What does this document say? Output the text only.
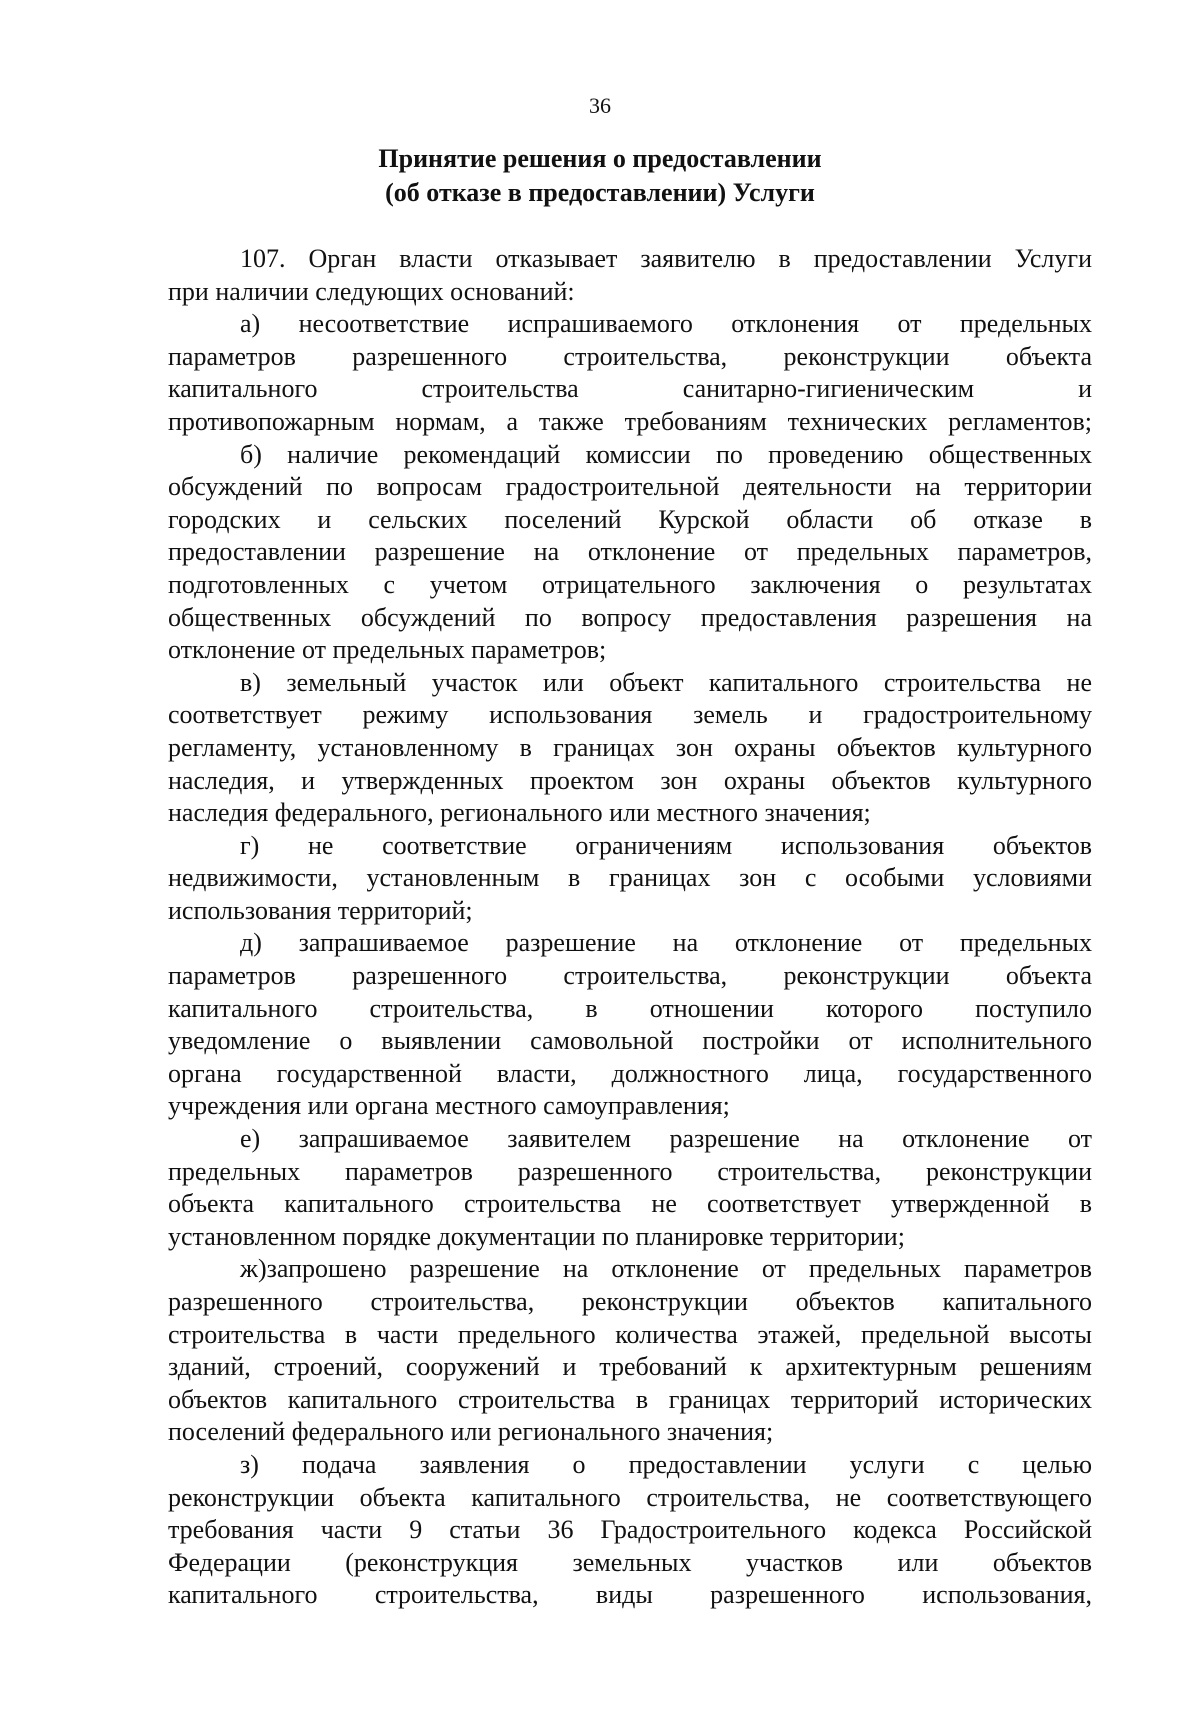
36
Принятие решения о предоставлении
(об отказе в предоставлении) Услуги
107. Орган власти отказывает заявителю в предоставлении Услуги
при наличии следующих оснований:
а) несоответствие испрашиваемого отклонения от предельных
параметров разрешенного строительства, реконструкции объекта
капитального строительства санитарно-гигиеническим и
противопожарным нормам, а также требованиям технических регламентов;
б) наличие рекомендаций комиссии по проведению общественных
обсуждений по вопросам градостроительной деятельности на территории
городских и сельских поселений Курской области об отказе в
предоставлении разрешение на отклонение от предельных параметров,
подготовленных с учетом отрицательного заключения о результатах
общественных обсуждений по вопросу предоставления разрешения на
отклонение от предельных параметров;
в) земельный участок или объект капитального строительства не
соответствует режиму использования земель и градостроительному
регламенту, установленному в границах зон охраны объектов культурного
наследия, и утвержденных проектом зон охраны объектов культурного
наследия федерального, регионального или местного значения;
г) не соответствие ограничениям использования объектов
недвижимости, установленным в границах зон с особыми условиями
использования территорий;
д) запрашиваемое разрешение на отклонение от предельных
параметров разрешенного строительства, реконструкции объекта
капитального строительства, в отношении которого поступило
уведомление о выявлении самовольной постройки от исполнительного
органа государственной власти, должностного лица, государственного
учреждения или органа местного самоуправления;
е) запрашиваемое заявителем разрешение на отклонение от
предельных параметров разрешенного строительства, реконструкции
объекта капитального строительства не соответствует утвержденной в
установленном порядке документации по планировке территории;
ж)запрошено разрешение на отклонение от предельных параметров
разрешенного строительства, реконструкции объектов капитального
строительства в части предельного количества этажей, предельной высоты
зданий, строений, сооружений и требований к архитектурным решениям
объектов капитального строительства в границах территорий исторических
поселений федерального или регионального значения;
з) подача заявления о предоставлении услуги с целью
реконструкции объекта капитального строительства, не соответствующего
требования части 9 статьи 36 Градостроительного кодекса Российской
Федерации (реконструкция земельных участков или объектов
капитального строительства, виды разрешенного использования,
